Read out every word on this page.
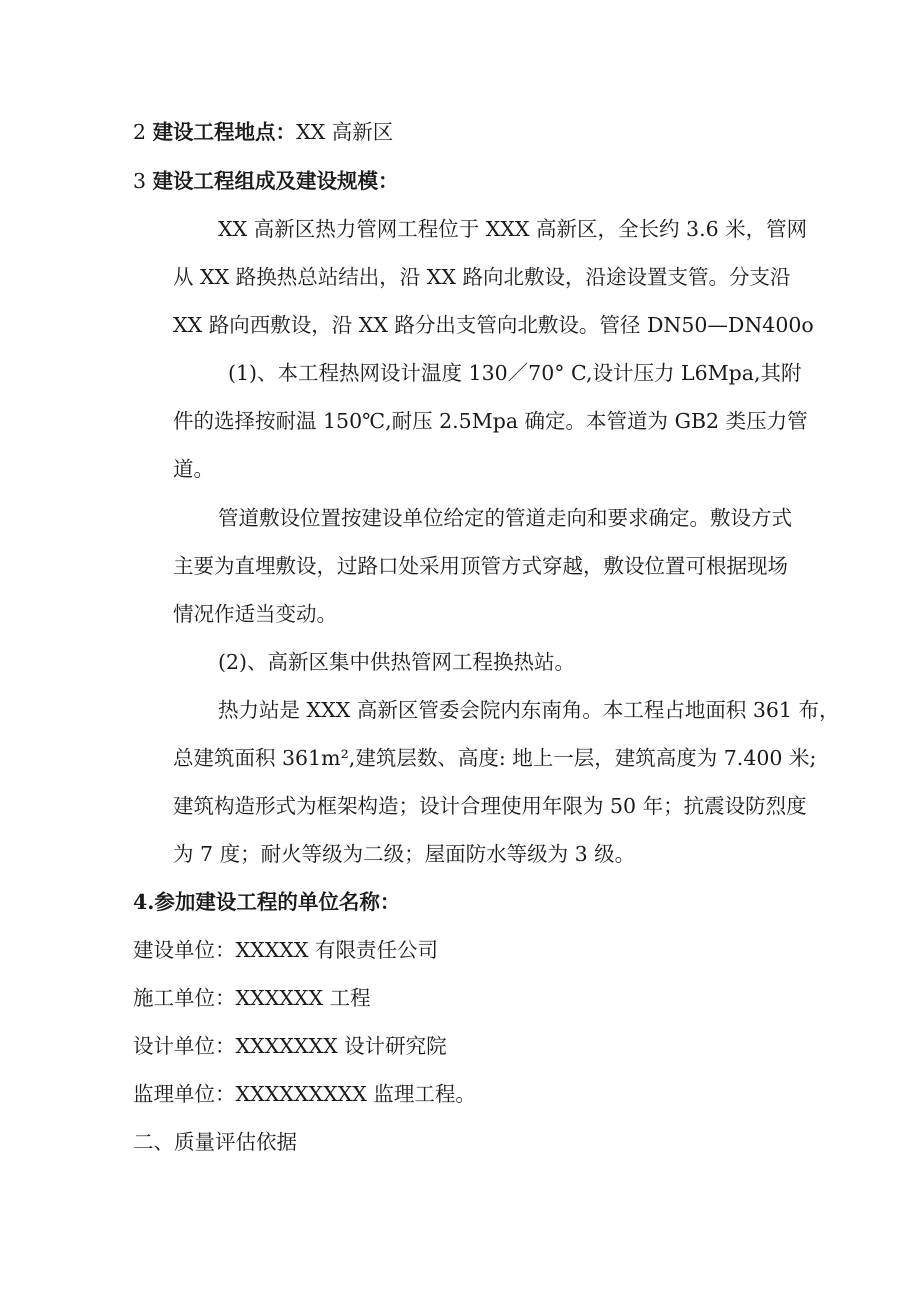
2 建设工程地点：XX 高新区
3 建设工程组成及建设规模：
XX 高新区热力管网工程位于 XXX 高新区，全长约 3.6 米，管网
从 XX 路换热总站结出，沿 XX 路向北敷设，沿途设置支管。分支沿
XX 路向西敷设，沿 XX 路分出支管向北敷设。管径 DN50—DN400o
(1)、本工程热网设计温度 130／70° C,设计压力 L6Mpa,其附
件的选择按耐温 150℃,耐压 2.5Mpa 确定。本管道为 GB2 类压力管
道。
管道敷设位置按建设单位给定的管道走向和要求确定。敷设方式
主要为直埋敷设，过路口处采用顶管方式穿越，敷设位置可根据现场
情况作适当变动。
(2)、高新区集中供热管网工程换热站。
热力站是 XXX 高新区管委会院内东南角。本工程占地面积 361 布，
总建筑面积 361m²,建筑层数、高度: 地上一层，建筑高度为 7.400 米;
建筑构造形式为框架构造；设计合理使用年限为 50 年；抗震设防烈度
为 7 度；耐火等级为二级；屋面防水等级为 3 级。
4.参加建设工程的单位名称：
建设单位：XXXXX 有限责任公司
施工单位：XXXXXX 工程
设计单位：XXXXXXX 设计研究院
监理单位：XXXXXXXXX 监理工程。
二、质量评估依据
